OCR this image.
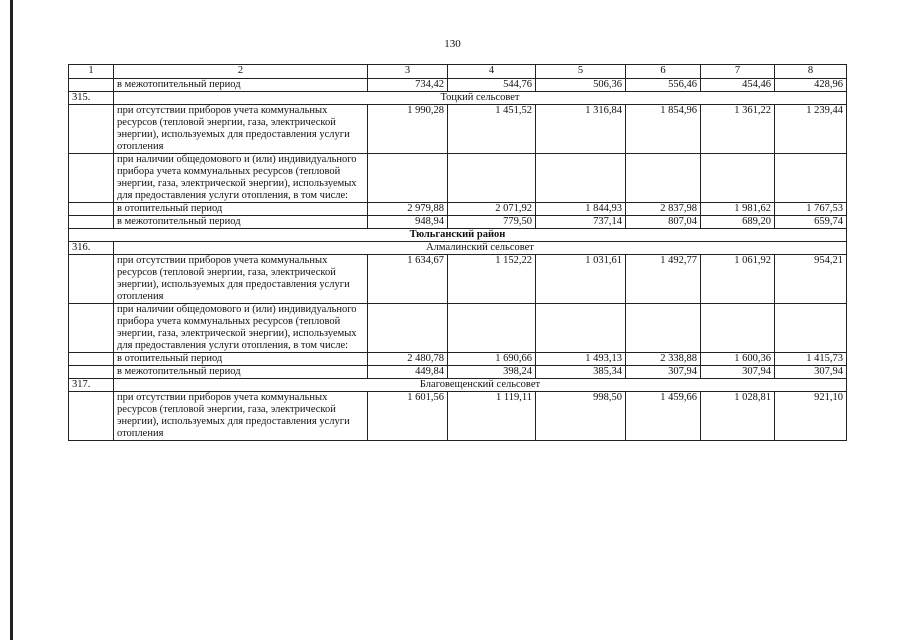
130
1	2	3	4	5	6	7	8
	в межотопительный период	734,42	544,76	506,36	556,46	454,46	428,96
315.	Тоцкий сельсовет						
	при отсутствии приборов учета коммунальных ресурсов (тепловой энергии, газа, электрической энергии), используемых для предоставления услуги отопления	1 990,28	1 451,52	1 316,84	1 854,96	1 361,22	1 239,44
	при наличии общедомового и (или) индивидуального прибора учета коммунальных ресурсов (тепловой энергии, газа, электрической энергии), используемых для предоставления услуги отопления, в том числе:						
	в отопительный период	2 979,88	2 071,92	1 844,93	2 837,98	1 981,62	1 767,53
	в межотопительный период	948,94	779,50	737,14	807,04	689,20	659,74
Тюльганский район							
316.	Алмалинский сельсовет						
	при отсутствии приборов учета коммунальных ресурсов (тепловой энергии, газа, электрической энергии), используемых для предоставления услуги отопления	1 634,67	1 152,22	1 031,61	1 492,77	1 061,92	954,21
	при наличии общедомового и (или) индивидуального прибора учета коммунальных ресурсов (тепловой энергии, газа, электрической энергии), используемых для предоставления услуги отопления, в том числе:						
	в отопительный период	2 480,78	1 690,66	1 493,13	2 338,88	1 600,36	1 415,73
	в межотопительный период	449,84	398,24	385,34	307,94	307,94	307,94
317.	Благовещенский сельсовет						
	при отсутствии приборов учета коммунальных ресурсов (тепловой энергии, газа, электрической энергии), используемых для предоставления услуги отопления	1 601,56	1 119,11	998,50	1 459,66	1 028,81	921,10
